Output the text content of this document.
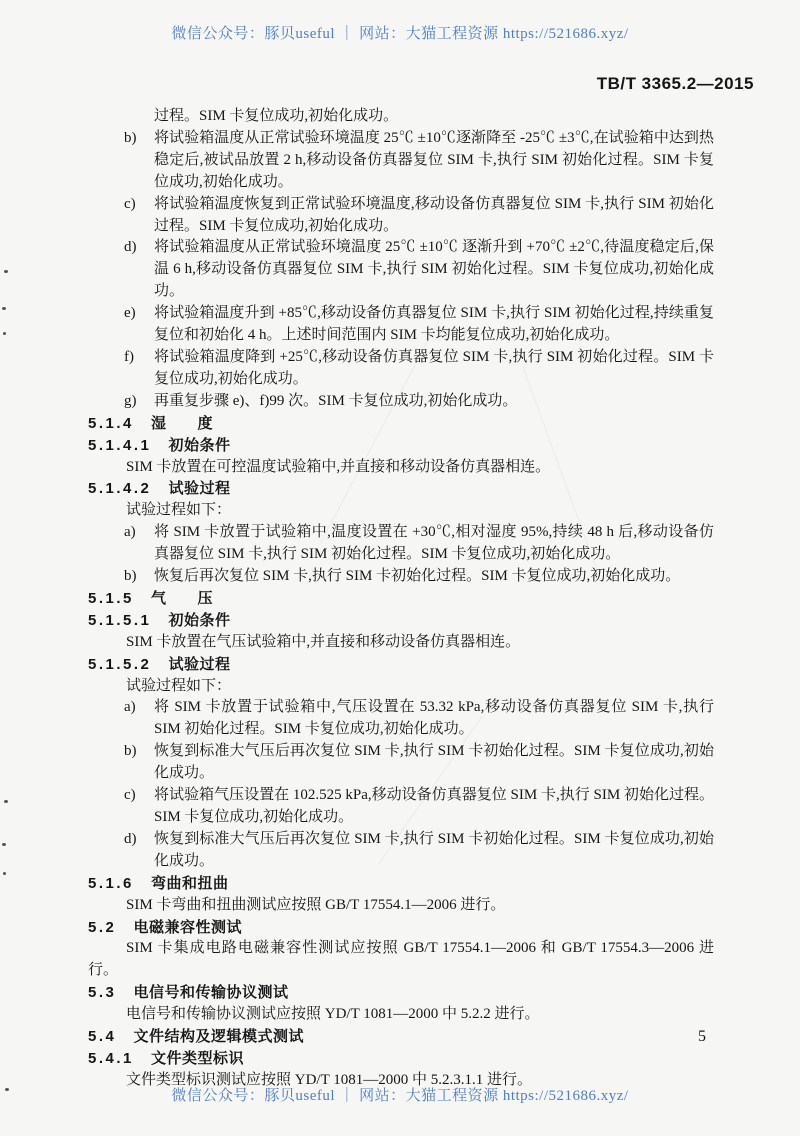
微信公众号：豚贝useful ｜ 网站：大猫工程资源 https://521686.xyz/
TB/T 3365.2—2015
过程。SIM 卡复位成功,初始化成功。
b)	将试验箱温度从正常试验环境温度 25℃ ±10℃逐渐降至 -25℃ ±3℃,在试验箱中达到热稳定后,被试品放置 2 h,移动设备仿真器复位 SIM 卡,执行 SIM 初始化过程。SIM 卡复位成功,初始化成功。
c)	将试验箱温度恢复到正常试验环境温度,移动设备仿真器复位 SIM 卡,执行 SIM 初始化过程。SIM 卡复位成功,初始化成功。
d)	将试验箱温度从正常试验环境温度 25℃ ±10℃ 逐渐升到 +70℃ ±2℃,待温度稳定后,保温 6 h,移动设备仿真器复位 SIM 卡,执行 SIM 初始化过程。SIM 卡复位成功,初始化成功。
e)	将试验箱温度升到 +85℃,移动设备仿真器复位 SIM 卡,执行 SIM 初始化过程,持续重复复位和初始化 4 h。上述时间范围内 SIM 卡均能复位成功,初始化成功。
f)	将试验箱温度降到 +25℃,移动设备仿真器复位 SIM 卡,执行 SIM 初始化过程。SIM 卡复位成功,初始化成功。
g)	再重复步骤 e)、f)99 次。SIM 卡复位成功,初始化成功。
5.1.4 湿　　度
5.1.4.1 初始条件
SIM 卡放置在可控温度试验箱中,并直接和移动设备仿真器相连。
5.1.4.2 试验过程
试验过程如下：
a)	将 SIM 卡放置于试验箱中,温度设置在 +30℃,相对湿度 95%,持续 48 h 后,移动设备仿真器复位 SIM 卡,执行 SIM 初始化过程。SIM 卡复位成功,初始化成功。
b)	恢复后再次复位 SIM 卡,执行 SIM 卡初始化过程。SIM 卡复位成功,初始化成功。
5.1.5 气　　压
5.1.5.1 初始条件
SIM 卡放置在气压试验箱中,并直接和移动设备仿真器相连。
5.1.5.2 试验过程
试验过程如下：
a)	将 SIM 卡放置于试验箱中,气压设置在 53.32 kPa,移动设备仿真器复位 SIM 卡,执行 SIM 初始化过程。SIM 卡复位成功,初始化成功。
b)	恢复到标准大气压后再次复位 SIM 卡,执行 SIM 卡初始化过程。SIM 卡复位成功,初始化成功。
c)	将试验箱气压设置在 102.525 kPa,移动设备仿真器复位 SIM 卡,执行 SIM 初始化过程。SIM 卡复位成功,初始化成功。
d)	恢复到标准大气压后再次复位 SIM 卡,执行 SIM 卡初始化过程。SIM 卡复位成功,初始化成功。
5.1.6 弯曲和扭曲
SIM 卡弯曲和扭曲测试应按照 GB/T 17554.1—2006 进行。
5.2 电磁兼容性测试
SIM 卡集成电路电磁兼容性测试应按照 GB/T 17554.1—2006 和 GB/T 17554.3—2006 进行。
5.3 电信号和传输协议测试
电信号和传输协议测试应按照 YD/T 1081—2000 中 5.2.2 进行。
5.4 文件结构及逻辑模式测试
5.4.1 文件类型标识
文件类型标识测试应按照 YD/T 1081—2000 中 5.2.3.1.1 进行。
5
微信公众号：豚贝useful ｜ 网站：大猫工程资源 https://521686.xyz/
